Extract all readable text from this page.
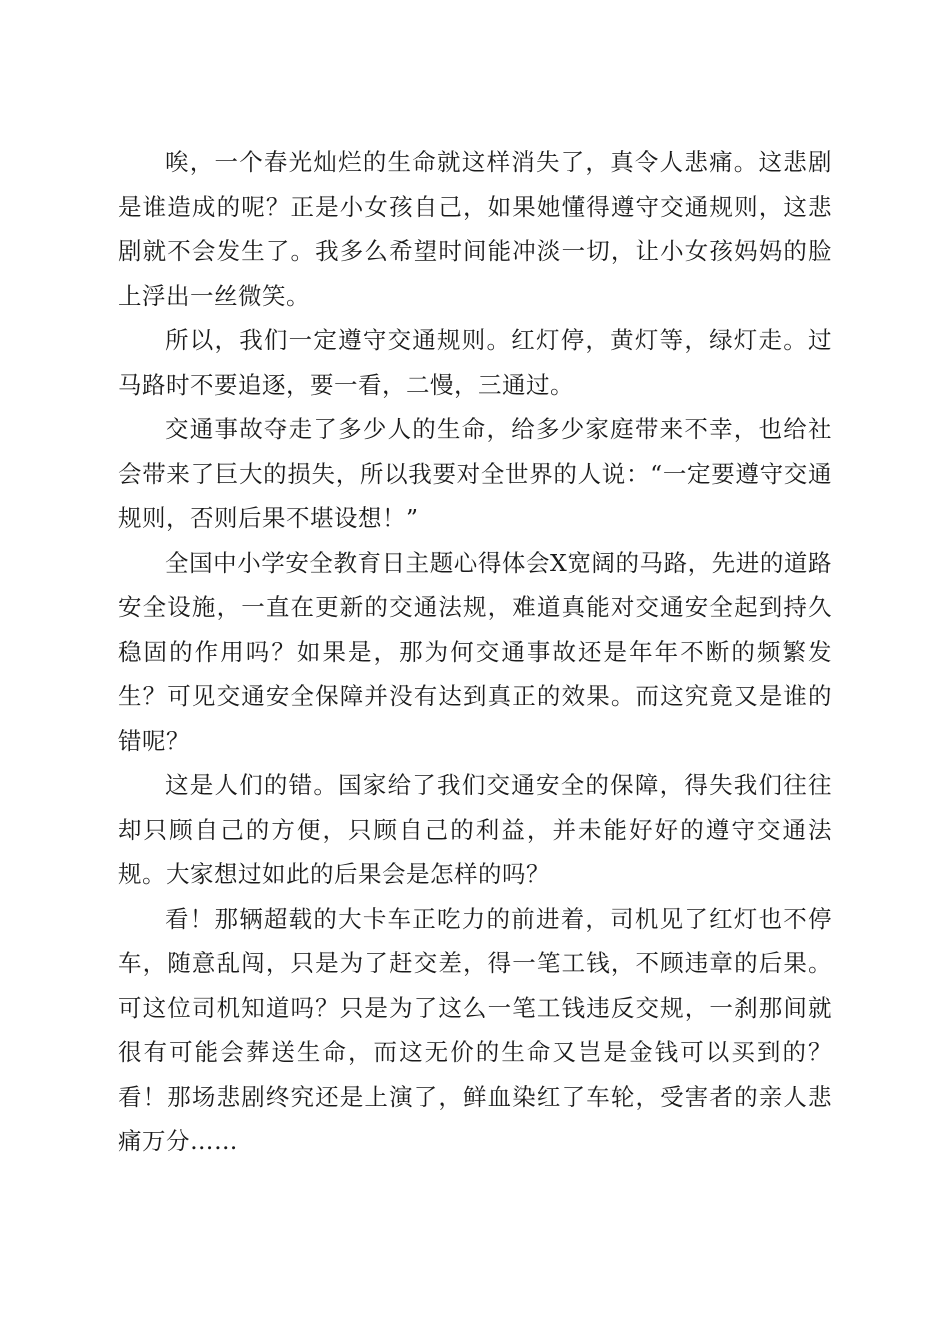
唉，一个春光灿烂的生命就这样消失了，真令人悲痛。这悲剧是谁造成的呢？正是小女孩自己，如果她懂得遵守交通规则，这悲剧就不会发生了。我多么希望时间能冲淡一切，让小女孩妈妈的脸上浮出一丝微笑。

所以，我们一定遵守交通规则。红灯停，黄灯等，绿灯走。过马路时不要追逐，要一看，二慢，三通过。

交通事故夺走了多少人的生命，给多少家庭带来不幸，也给社会带来了巨大的损失，所以我要对全世界的人说：“一定要遵守交通规则，否则后果不堪设想！”

全国中小学安全教育日主题心得体会X宽阔的马路，先进的道路安全设施，一直在更新的交通法规，难道真能对交通安全起到持久稳固的作用吗？如果是，那为何交通事故还是年年不断的频繁发生？可见交通安全保障并没有达到真正的效果。而这究竟又是谁的错呢？

这是人们的错。国家给了我们交通安全的保障，得失我们往往却只顾自己的方便，只顾自己的利益，并未能好好的遵守交通法规。大家想过如此的后果会是怎样的吗？

看！那辆超载的大卡车正吃力的前进着，司机见了红灯也不停车，随意乱闯，只是为了赶交差，得一笔工钱，不顾违章的后果。可这位司机知道吗？只是为了这么一笔工钱违反交规，一刹那间就很有可能会葬送生命，而这无价的生命又岂是金钱可以买到的？看！那场悲剧终究还是上演了，鲜血染红了车轮，受害者的亲人悲痛万分……
